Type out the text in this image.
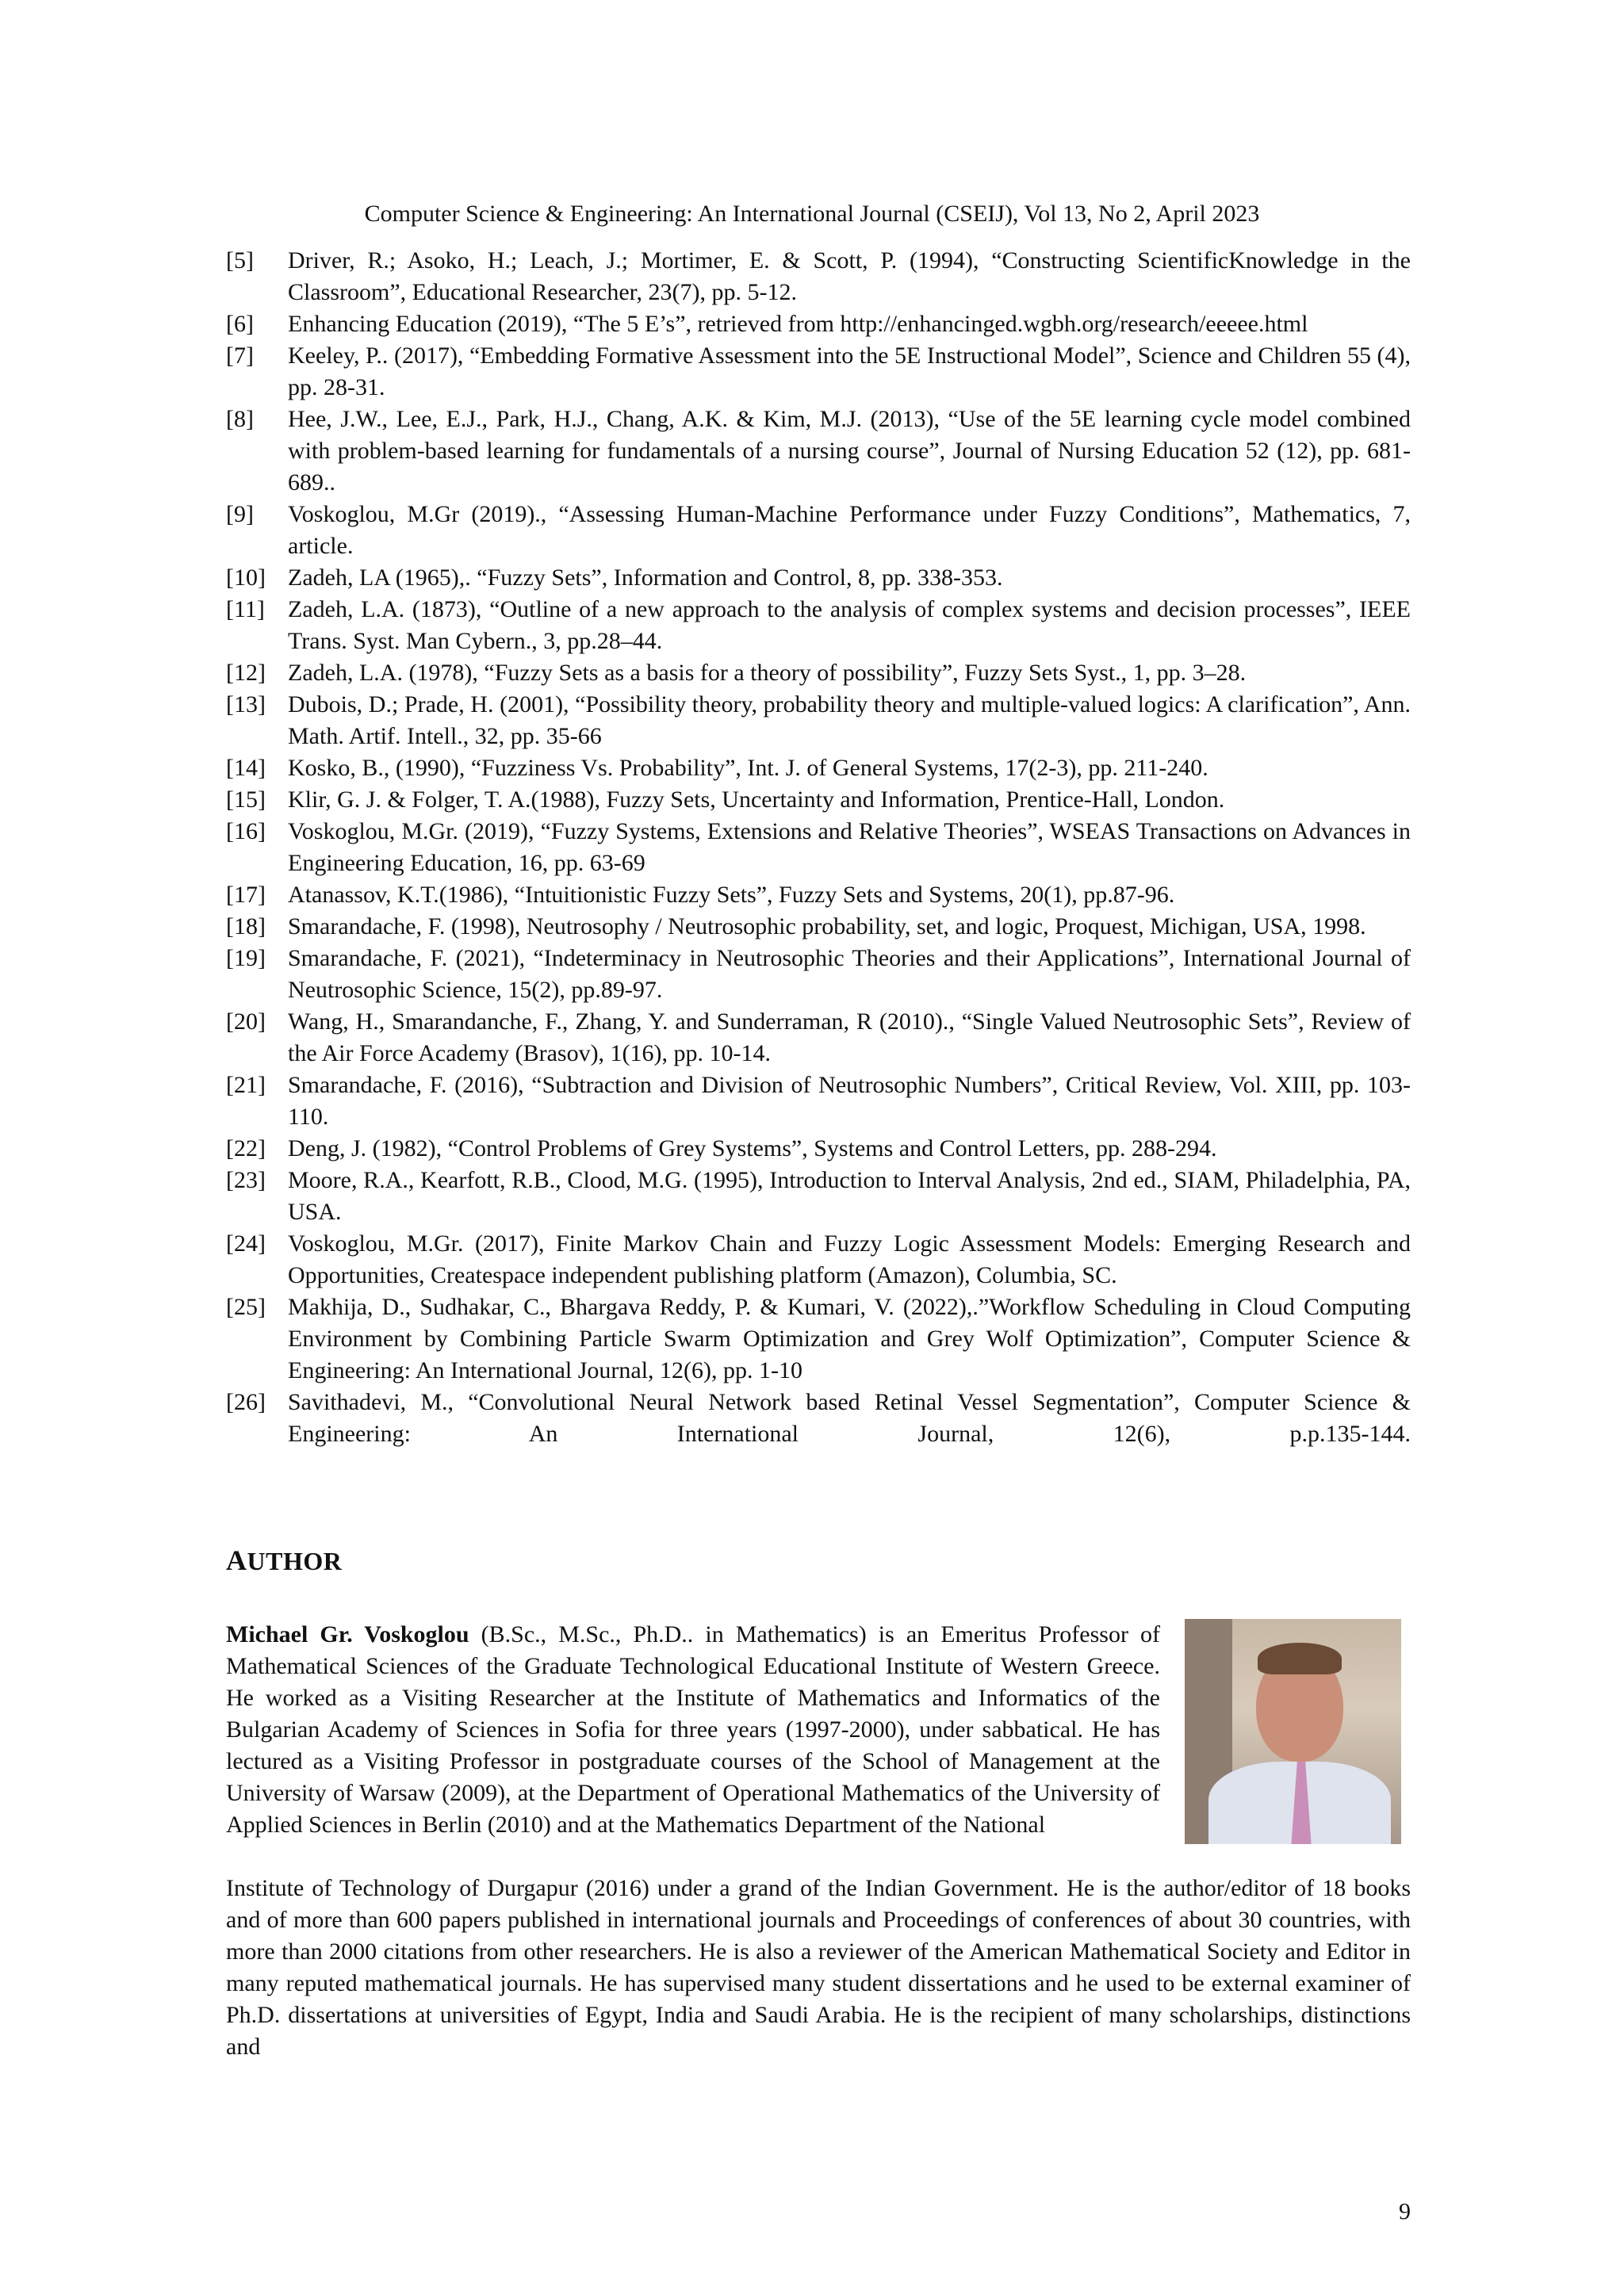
Computer Science & Engineering: An International Journal (CSEIJ), Vol 13, No 2, April 2023
[5]	Driver, R.; Asoko, H.; Leach, J.; Mortimer, E. & Scott, P. (1994), “Constructing ScientificKnowledge in the Classroom”, Educational Researcher, 23(7), pp. 5-12.
[6]	Enhancing Education (2019), “The 5 E’s”, retrieved from http://enhancinged.wgbh.org/research/eeeee.html
[7]	Keeley, P.. (2017), “Embedding Formative Assessment into the 5E Instructional Model”, Science and Children 55 (4), pp. 28-31.
[8]	Hee, J.W., Lee, E.J., Park, H.J., Chang, A.K. & Kim, M.J. (2013), “Use of the 5E learning cycle model combined with problem-based learning for fundamentals of a nursing course”, Journal of Nursing Education 52 (12), pp. 681-689..
[9]	Voskoglou, M.Gr (2019)., “Assessing Human-Machine Performance under Fuzzy Conditions”, Mathematics, 7, article.
[10] Zadeh, LA (1965),. “Fuzzy Sets”, Information and Control, 8, pp. 338-353.
[11] Zadeh, L.A. (1873), “Outline of a new approach to the analysis of complex systems and decision processes”, IEEE Trans. Syst. Man Cybern., 3, pp.28–44.
[12] Zadeh, L.A. (1978), “Fuzzy Sets as a basis for a theory of possibility”, Fuzzy Sets Syst., 1, pp. 3–28.
[13] Dubois, D.; Prade, H. (2001), “Possibility theory, probability theory and multiple-valued logics: A clarification”, Ann. Math. Artif. Intell., 32, pp. 35-66
[14] Kosko, B., (1990), “Fuzziness Vs. Probability”, Int. J. of General Systems, 17(2-3), pp. 211-240.
[15] Klir, G. J. & Folger, T. A.(1988), Fuzzy Sets, Uncertainty and Information, Prentice-Hall, London.
[16] Voskoglou, M.Gr. (2019), “Fuzzy Systems, Extensions and Relative Theories”, WSEAS Transactions on Advances in Engineering Education, 16, pp. 63-69
[17] Atanassov, K.T.(1986), “Intuitionistic Fuzzy Sets”, Fuzzy Sets and Systems, 20(1), pp.87-96.
[18] Smarandache, F. (1998), Neutrosophy / Neutrosophic probability, set, and logic, Proquest, Michigan, USA, 1998.
[19] Smarandache, F. (2021), “Indeterminacy in Neutrosophic Theories and their Applications”, International Journal of Neutrosophic Science, 15(2), pp.89-97.
[20] Wang, H., Smarandanche, F., Zhang, Y. and Sunderraman, R (2010)., “Single Valued Neutrosophic Sets”, Review of the Air Force Academy (Brasov), 1(16), pp. 10-14.
[21] Smarandache, F. (2016), “Subtraction and Division of Neutrosophic Numbers”, Critical Review, Vol. XIII, pp. 103-110.
[22] Deng, J. (1982), “Control Problems of Grey Systems”, Systems and Control Letters, pp. 288-294.
[23] Moore, R.A., Kearfott, R.B., Clood, M.G. (1995), Introduction to Interval Analysis, 2nd ed., SIAM, Philadelphia, PA, USA.
[24] Voskoglou, M.Gr. (2017), Finite Markov Chain and Fuzzy Logic Assessment Models: Emerging Research and Opportunities, Createspace independent publishing platform (Amazon), Columbia, SC.
[25] Makhija, D., Sudhakar, C., Bhargava Reddy, P. & Kumari, V. (2022),.”Workflow Scheduling in Cloud Computing Environment by Combining Particle Swarm Optimization and Grey Wolf Optimization”, Computer Science & Engineering: An International Journal, 12(6), pp. 1-10
[26] Savithadevi, M., “Convolutional Neural Network based Retinal Vessel Segmentation”, Computer Science & Engineering: An International Journal, 12(6), p.p.135-144.
AUTHOR
Michael Gr. Voskoglou (B.Sc., M.Sc., Ph.D.. in Mathematics) is an Emeritus Professor of Mathematical Sciences of the Graduate Technological Educational Institute of Western Greece. He worked as a Visiting Researcher at the Institute of Mathematics and Informatics of the Bulgarian Academy of Sciences in Sofia for three years (1997-2000), under sabbatical. He has lectured as a Visiting Professor in postgraduate courses of the School of Management at the University of Warsaw (2009), at the Department of Operational Mathematics of the University of Applied Sciences in Berlin (2010) and at the Mathematics Department of the National
Institute of Technology of Durgapur (2016) under a grand of the Indian Government. He is the author/editor of 18 books and of more than 600 papers published in international journals and Proceedings of conferences of about 30 countries, with more than 2000 citations from other researchers. He is also a reviewer of the American Mathematical Society and Editor in many reputed mathematical journals. He has supervised many student dissertations and he used to be external examiner of Ph.D. dissertations at universities of Egypt, India and Saudi Arabia. He is the recipient of many scholarships, distinctions and
9
